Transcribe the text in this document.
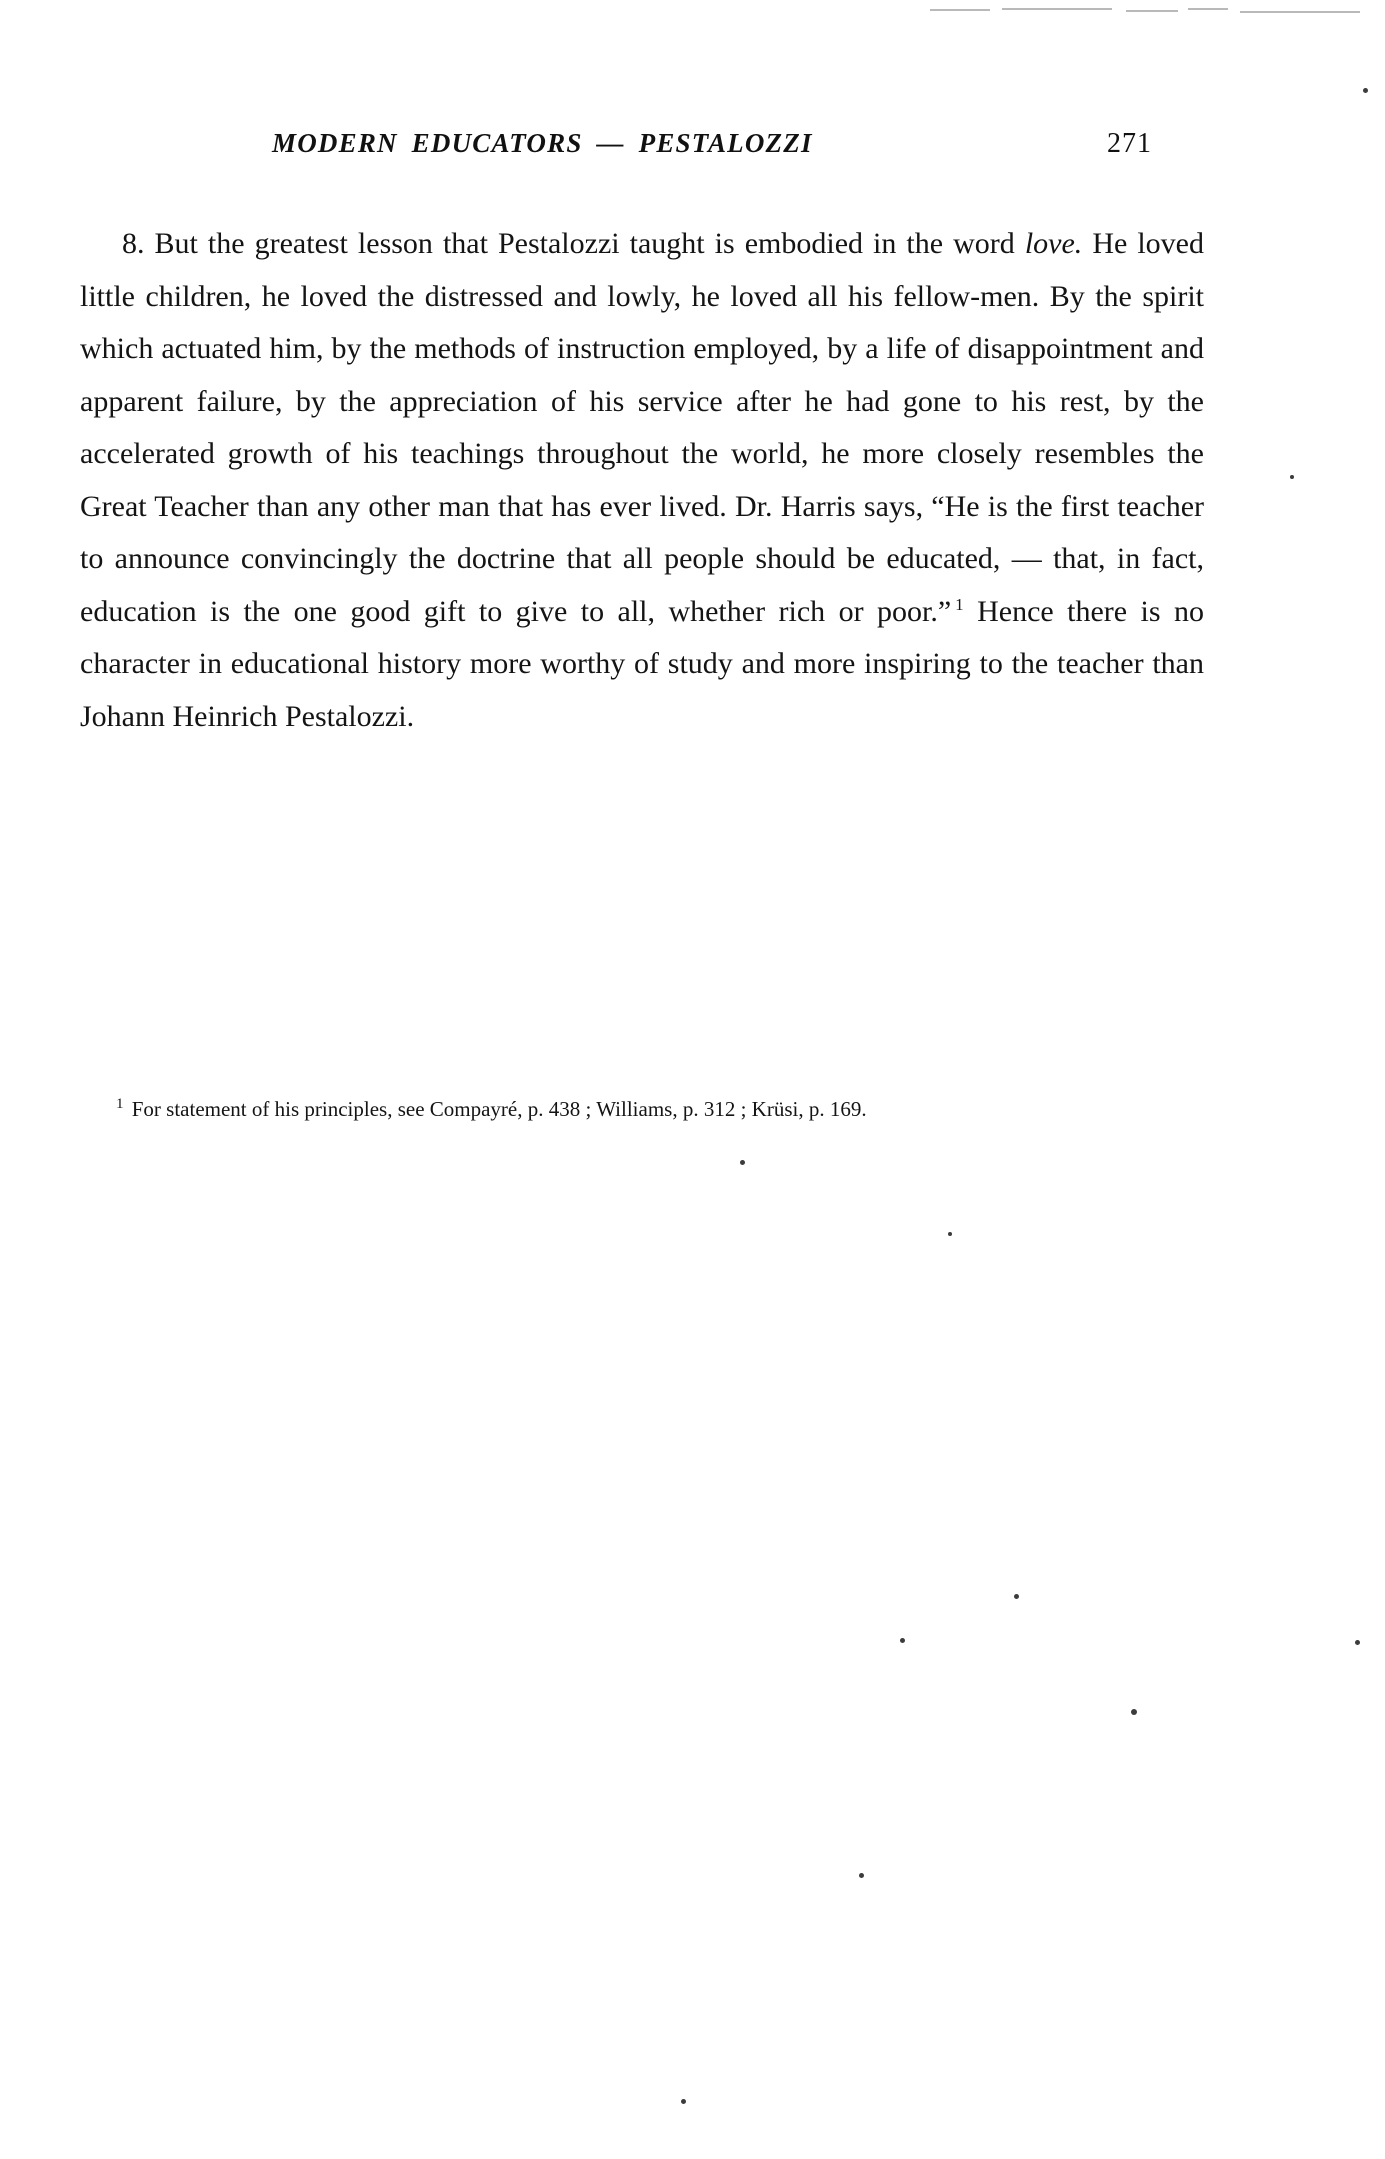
MODERN EDUCATORS — PESTALOZZI	271

8. But the greatest lesson that Pestalozzi taught is embodied in the word love. He loved little children, he loved the distressed and lowly, he loved all his fellow-men. By the spirit which actuated him, by the methods of instruction employed, by a life of disappointment and apparent failure, by the appreciation of his service after he had gone to his rest, by the accelerated growth of his teachings throughout the world, he more closely resembles the Great Teacher than any other man that has ever lived. Dr. Harris says, “He is the first teacher to announce convincingly the doctrine that all people should be educated, — that, in fact, education is the one good gift to give to all, whether rich or poor.” $^1$ Hence there is no character in educational history more worthy of study and more inspiring to the teacher than Johann Heinrich Pestalozzi.

$^1$ For statement of his principles, see Compayré, p. 438 ; Williams, p. 312 ; Krüsi, p. 169.
